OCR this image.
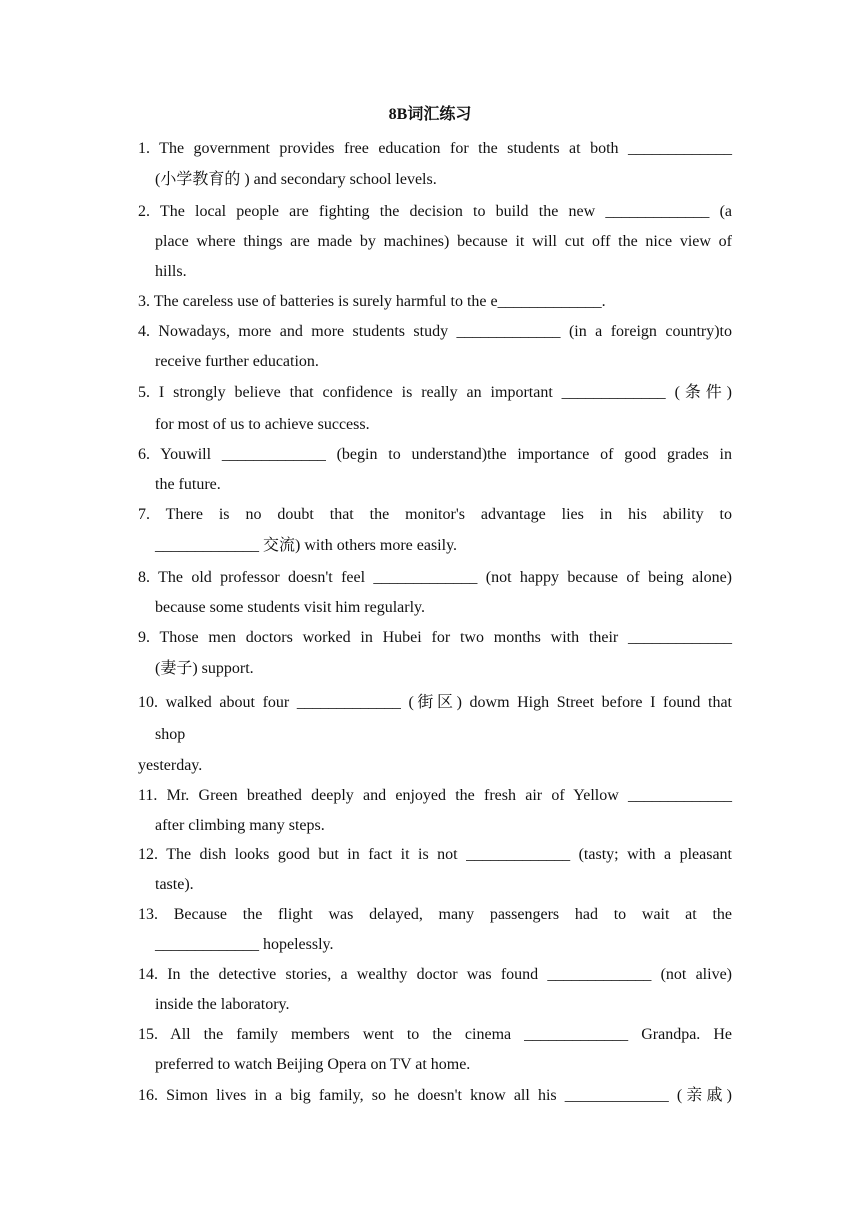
8B词汇练习
1. The government provides free education for the students at both _____________
(小学教育的 ) and secondary school levels.
2. The local people are fighting the decision to build the new _____________ (a
place where things are made by machines) because it will cut off the nice view of
hills.
3. The careless use of batteries is surely harmful to the e_____________.
4. Nowadays, more and more students study _____________ (in a foreign country)to
receive further education.
5. I strongly believe that confidence is really an important _____________ (条件)
for most of us to achieve success.
6. Youwill _____________ (begin to understand)the importance of good grades in
the future.
7. There is no doubt that the monitor's advantage lies in his ability to
_____________ 交流) with others more easily.
8. The old professor doesn't feel _____________ (not happy because of being alone)
because some students visit him regularly.
9. Those men doctors worked in Hubei for two months with their _____________
(妻子) support.
10. walked about four _____________ (街区) dowm High Street before I found that
shop
yesterday.
11. Mr. Green breathed deeply and enjoyed the fresh air of Yellow _____________
after climbing many steps.
12. The dish looks good but in fact it is not _____________ (tasty; with a pleasant
taste).
13. Because the flight was delayed, many passengers had to wait at the
_____________ hopelessly.
14. In the detective stories, a wealthy doctor was found _____________ (not alive)
inside the laboratory.
15. All the family members went to the cinema _____________ Grandpa. He
preferred to watch Beijing Opera on TV at home.
16. Simon lives in a big family, so he doesn't know all his _____________ (亲戚)
